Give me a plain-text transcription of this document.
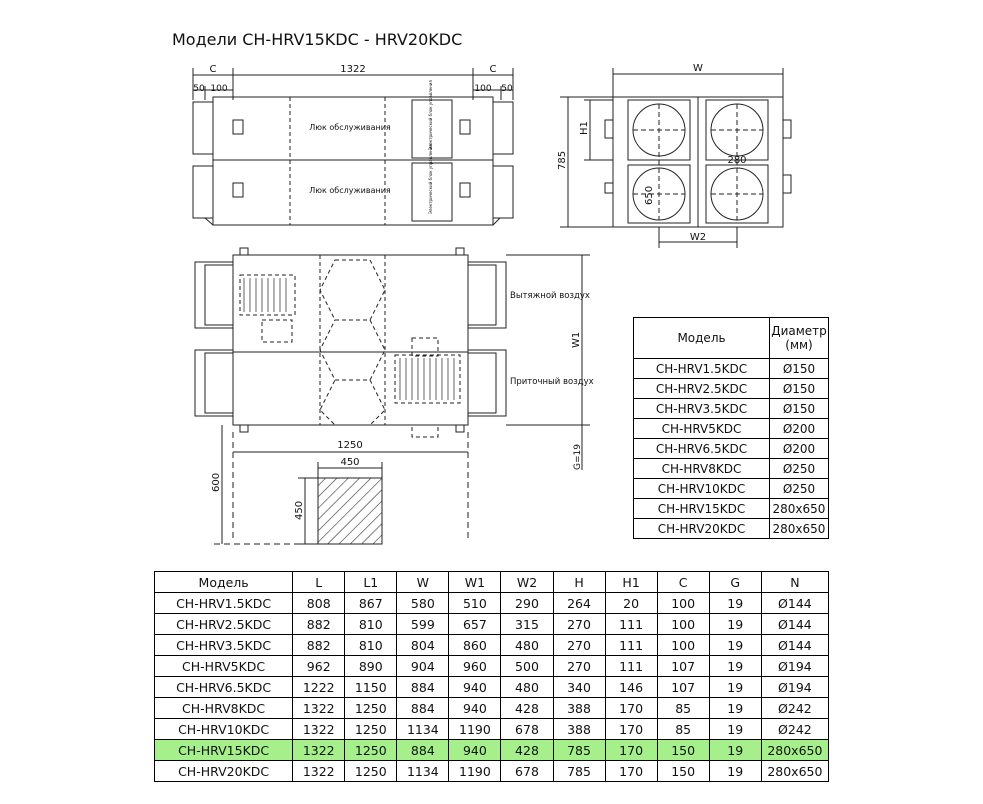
Модели CH-HRV15KDC - HRV20KDC
C	1322	C
50 100	100 50
Люк обслуживания
Люк обслуживания
Электрический блок управления
Электрический блок управления
W
H1
785
650
280
W2
Вытяжной воздух
Приточный воздух
W1
G=19
1250
450
600
450
Модель	Диаметр (мм)
CH-HRV1.5KDC	Ø150
CH-HRV2.5KDC	Ø150
CH-HRV3.5KDC	Ø150
CH-HRV5KDC	Ø200
CH-HRV6.5KDC	Ø200
CH-HRV8KDC	Ø250
CH-HRV10KDC	Ø250
CH-HRV15KDC	280x650
CH-HRV20KDC	280x650
Модель	L	L1	W	W1	W2	H	H1	C	G	N
CH-HRV1.5KDC	808	867	580	510	290	264	20	100	19	Ø144
CH-HRV2.5KDC	882	810	599	657	315	270	111	100	19	Ø144
CH-HRV3.5KDC	882	810	804	860	480	270	111	100	19	Ø144
CH-HRV5KDC	962	890	904	960	500	270	111	107	19	Ø194
CH-HRV6.5KDC	1222	1150	884	940	480	340	146	107	19	Ø194
CH-HRV8KDC	1322	1250	884	940	428	388	170	85	19	Ø242
CH-HRV10KDC	1322	1250	1134	1190	678	388	170	85	19	Ø242
CH-HRV15KDC	1322	1250	884	940	428	785	170	150	19	280x650
CH-HRV20KDC	1322	1250	1134	1190	678	785	170	150	19	280x650
